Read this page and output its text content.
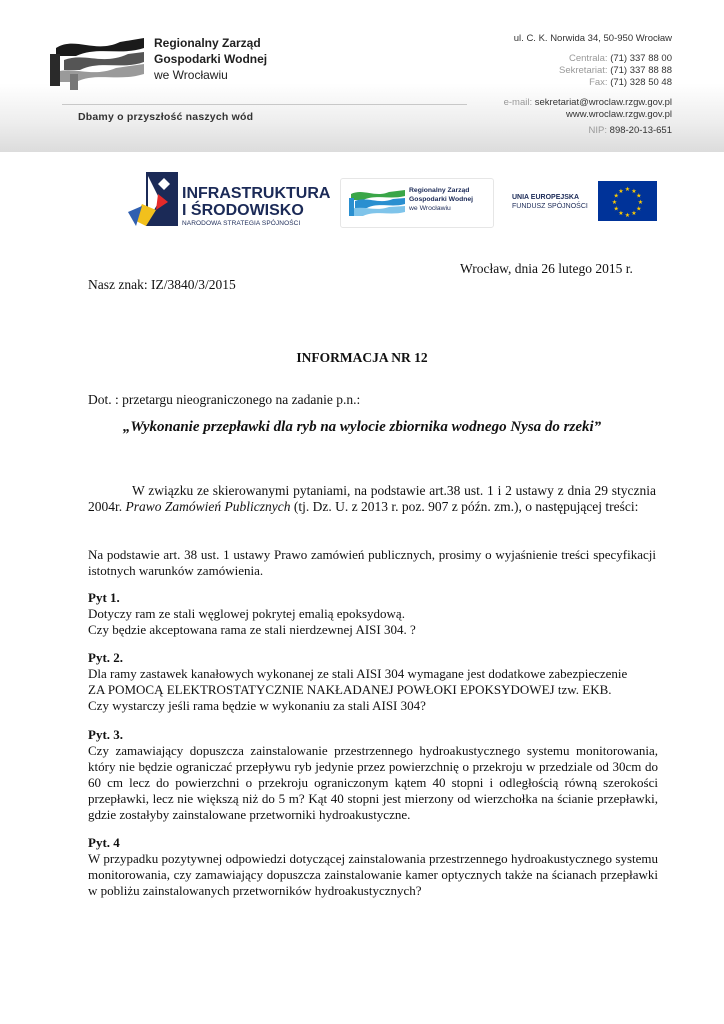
Regionalny Zarząd
Gospodarki Wodnej
we Wrocławiu
Dbamy o przyszłość naszych wód
ul. C. K. Norwida 34, 50-950 Wrocław
Centrala: (71) 337 88 00
Sekretariat: (71) 337 88 88
Fax: (71) 328 50 48
e-mail: sekretariat@wroclaw.rzgw.gov.pl
www.wroclaw.rzgw.gov.pl
NIP: 898-20-13-651
INFRASTRUKTURA
I ŚRODOWISKO
NARODOWA STRATEGIA SPÓJNOŚCI
Regionalny Zarząd
Gospodarki Wodnej
we Wrocławiu
UNIA EUROPEJSKA
FUNDUSZ SPÓJNOŚCI
★ ★
★
★
★
★
★
★
★
★
★
★
Wrocław, dnia 26 lutego 2015 r.
Nasz znak: IZ/3840/3/2015
INFORMACJA NR 12
Dot. : przetargu nieograniczonego na zadanie p.n.:
„Wykonanie przepławki dla ryb na wylocie zbiornika wodnego Nysa do rzeki”
W związku ze skierowanymi pytaniami, na podstawie art.38 ust. 1 i 2 ustawy z dnia 29 stycznia 2004r. Prawo Zamówień Publicznych (tj. Dz. U. z 2013 r. poz. 907 z późn. zm.), o następującej treści:
Na podstawie art. 38 ust. 1 ustawy Prawo zamówień publicznych, prosimy o wyjaśnienie treści specyfikacji istotnych warunków zamówienia.
Pyt 1.
Dotyczy ram ze stali węglowej pokrytej emalią epoksydową.
Czy będzie akceptowana rama ze stali nierdzewnej AISI 304. ?
Pyt. 2.
Dla ramy zastawek kanałowych wykonanej ze stali AISI 304 wymagane jest dodatkowe zabezpieczenie
ZA POMOCĄ ELEKTROSTATYCZNIE NAKŁADANEJ POWŁOKI EPOKSYDOWEJ tzw. EKB.
Czy wystarczy jeśli rama będzie w wykonaniu za stali AISI 304?
Pyt. 3.
Czy zamawiający dopuszcza zainstalowanie przestrzennego hydroakustycznego systemu monitorowania, który nie będzie ograniczać przepływu ryb jedynie przez powierzchnię o przekroju w przedziale od 30cm do 60 cm lecz do powierzchni o przekroju ograniczonym kątem 40 stopni i odległością równą szerokości przepławki, lecz nie większą niż do 5 m? Kąt 40 stopni jest mierzony od wierzchołka na ścianie przepławki, gdzie zostałyby zainstalowane przetworniki hydroakustyczne.
Pyt. 4
W przypadku pozytywnej odpowiedzi dotyczącej zainstalowania przestrzennego hydroakustycznego systemu monitorowania, czy zamawiający dopuszcza zainstalowanie kamer optycznych także na ścianach przepławki w pobliżu zainstalowanych przetworników hydroakustycznych?
